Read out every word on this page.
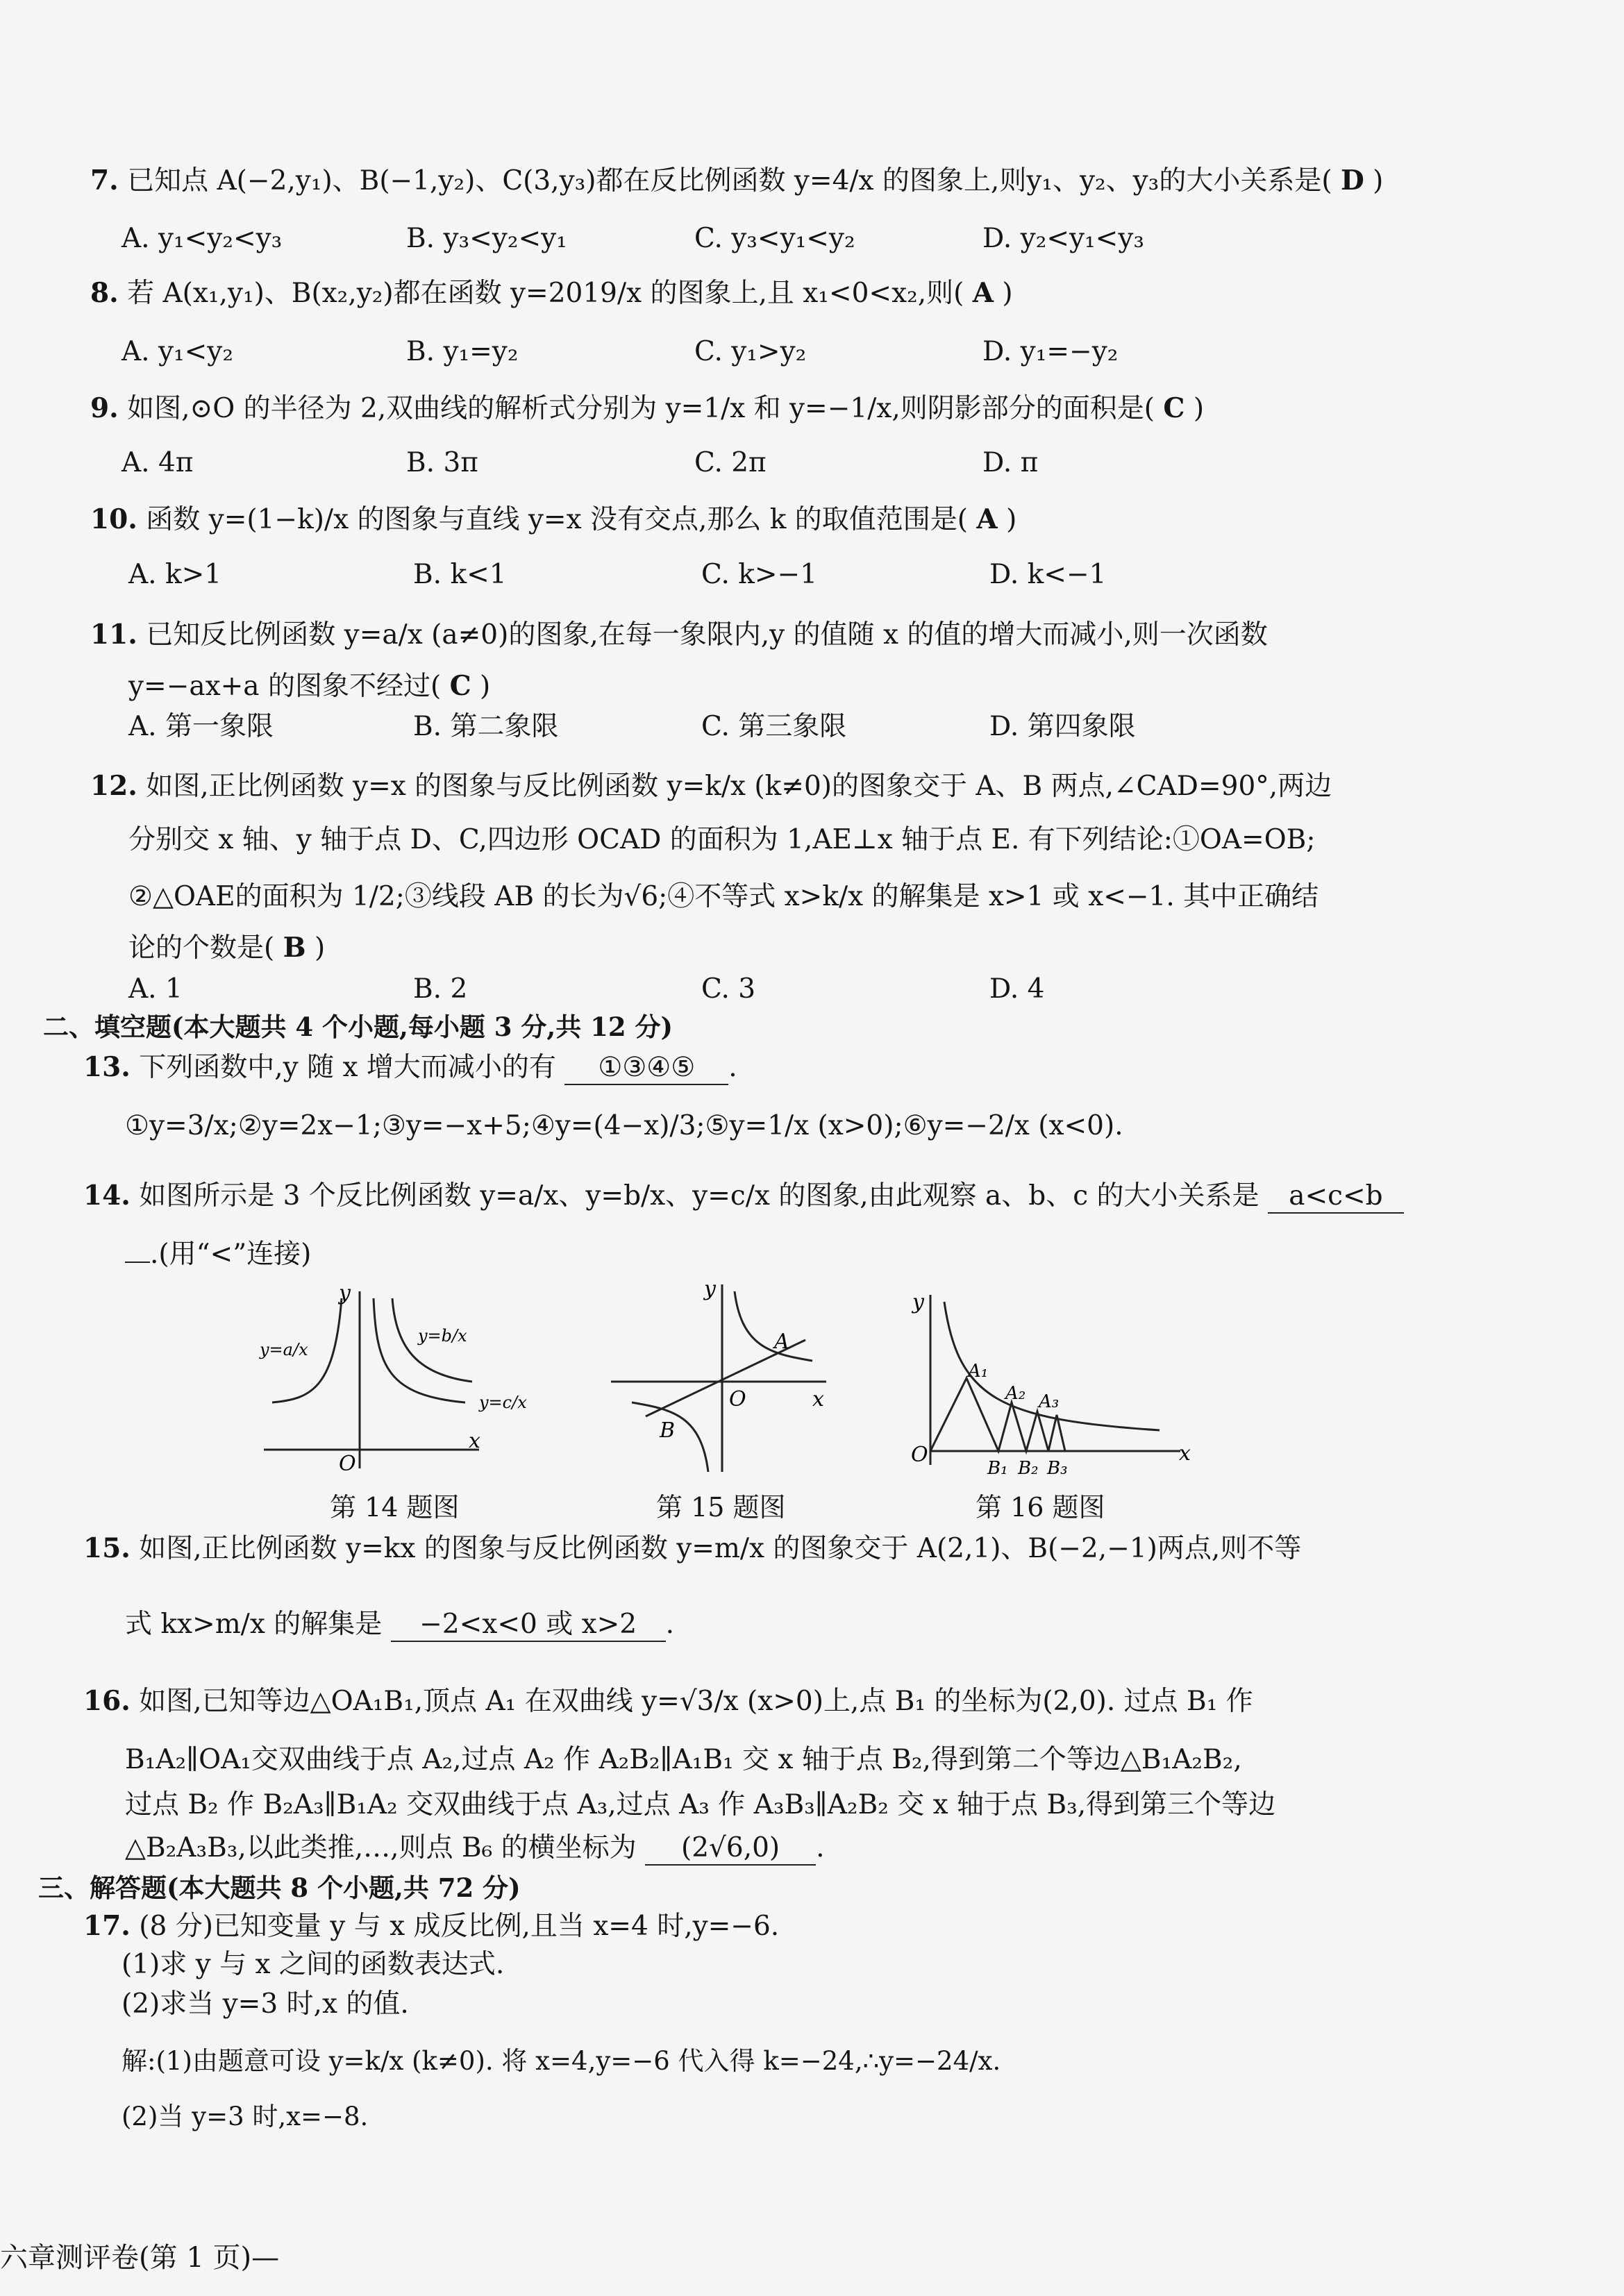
7. 已知点 A(−2,y₁)、B(−1,y₂)、C(3,y₃)都在反比例函数 y=4/x 的图象上,则y₁、y₂、y₃的大小关系是( D )
A. y₁<y₂<y₃	B. y₃<y₂<y₁	C. y₃<y₁<y₂	D. y₂<y₁<y₃
8. 若 A(x₁,y₁)、B(x₂,y₂)都在函数 y=2019/x 的图象上,且 x₁<0<x₂,则( A )
A. y₁<y₂	B. y₁=y₂	C. y₁>y₂	D. y₁=−y₂
9. 如图,⊙O 的半径为 2,双曲线的解析式分别为 y=1/x 和 y=−1/x,则阴影部分的面积是( C )
A. 4π	B. 3π	C. 2π	D. π
10. 函数 y=(1−k)/x 的图象与直线 y=x 没有交点,那么 k 的取值范围是( A )
A. k>1	B. k<1	C. k>−1	D. k<−1
11. 已知反比例函数 y=a/x (a≠0)的图象,在每一象限内,y 的值随 x 的值的增大而减小,则一次函数
y=−ax+a 的图象不经过( C )
A. 第一象限	B. 第二象限	C. 第三象限	D. 第四象限
12. 如图,正比例函数 y=x 的图象与反比例函数 y=k/x (k≠0)的图象交于 A、B 两点,∠CAD=90°,两边
分别交 x 轴、y 轴于点 D、C,四边形 OCAD 的面积为 1,AE⊥x 轴于点 E. 有下列结论:①OA=OB;
②△OAE的面积为 1/2;③线段 AB 的长为√6;④不等式 x>k/x 的解集是 x>1 或 x<−1. 其中正确结
论的个数是( B )
A. 1	B. 2	C. 3	D. 4
二、填空题(本大题共 4 个小题,每小题 3 分,共 12 分)
13. 下列函数中,y 随 x 增大而减小的有 ①③④⑤ .
①y=3/x;②y=2x−1;③y=−x+5;④y=(4−x)/3;⑤y=1/x (x>0);⑥y=−2/x (x<0).
14. 如图所示是 3 个反比例函数 y=a/x、y=b/x、y=c/x 的图象,由此观察 a、b、c 的大小关系是 a<c<b
.(用“<”连接)
y
x
O
y=a/x
y=b/x
y=c/x
第 14 题图
y
x
O
A
B
第 15 题图
y
x
O
A₁
A₂ A₃
B₁ B₂ B₃
第 16 题图
15. 如图,正比例函数 y=kx 的图象与反比例函数 y=m/x 的图象交于 A(2,1)、B(−2,−1)两点,则不等
式 kx>m/x 的解集是 −2<x<0 或 x>2 .
16. 如图,已知等边△OA₁B₁,顶点 A₁ 在双曲线 y=√3/x (x>0)上,点 B₁ 的坐标为(2,0). 过点 B₁ 作
B₁A₂∥OA₁交双曲线于点 A₂,过点 A₂ 作 A₂B₂∥A₁B₁ 交 x 轴于点 B₂,得到第二个等边△B₁A₂B₂,
过点 B₂ 作 B₂A₃∥B₁A₂ 交双曲线于点 A₃,过点 A₃ 作 A₃B₃∥A₂B₂ 交 x 轴于点 B₃,得到第三个等边
△B₂A₃B₃,以此类推,…,则点 B₆ 的横坐标为 (2√6,0) .
三、解答题(本大题共 8 个小题,共 72 分)
17. (8 分)已知变量 y 与 x 成反比例,且当 x=4 时,y=−6.
(1)求 y 与 x 之间的函数表达式.
(2)求当 y=3 时,x 的值.
解:(1)由题意可设 y=k/x (k≠0). 将 x=4,y=−6 代入得 k=−24,∴y=−24/x.
(2)当 y=3 时,x=−8.
六章测评卷(第 1 页)—
